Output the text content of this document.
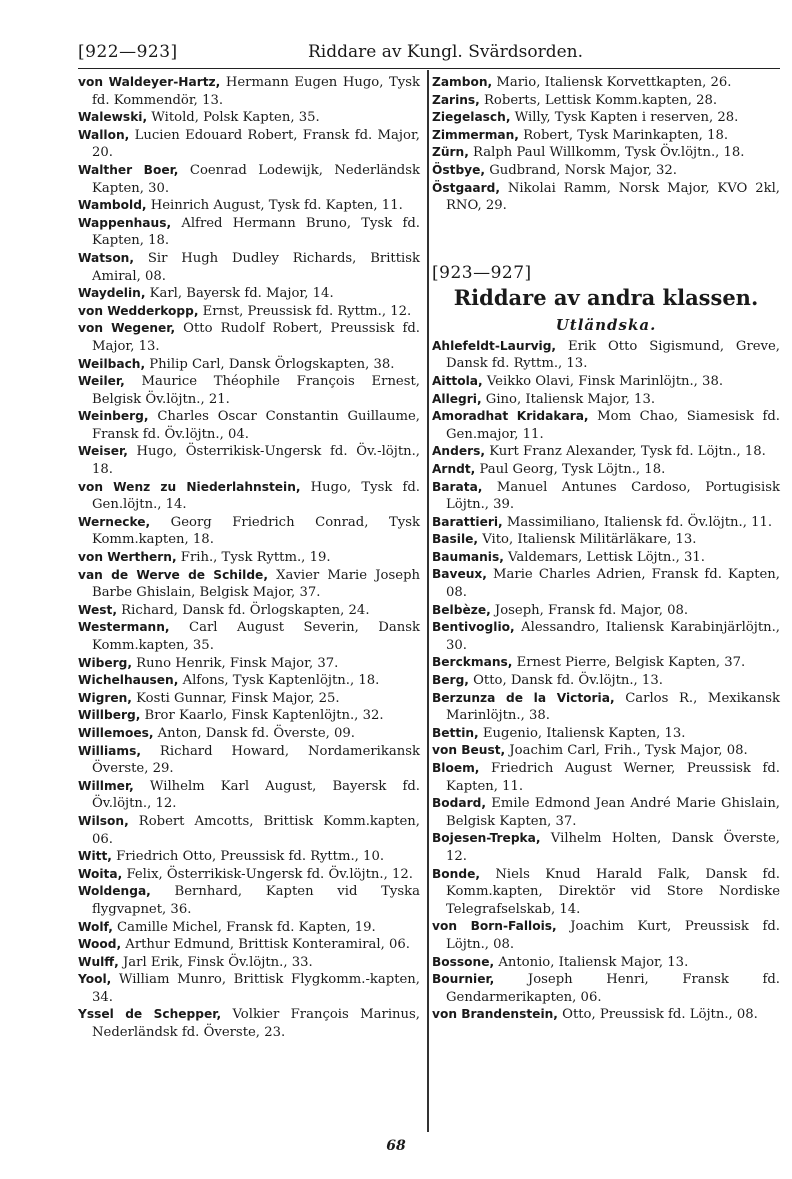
[922—923]	Riddare av Kungl. Svärdsorden.

von Waldeyer-Hartz, Hermann Eugen Hugo, Tysk fd. Kommendör, 13.

Walewski, Witold, Polsk Kapten, 35.

Wallon, Lucien Edouard Robert, Fransk fd. Major, 20.

Walther Boer, Coenrad Lodewijk, Nederländsk Kapten, 30.

Wambold, Heinrich August, Tysk fd. Kapten, 11.

Wappenhaus, Alfred Hermann Bruno, Tysk fd. Kapten, 18.

Watson, Sir Hugh Dudley Richards, Brittisk Amiral, 08.

Waydelin, Karl, Bayersk fd. Major, 14.

von Wedderkopp, Ernst, Preussisk fd. Ryttm., 12.

von Wegener, Otto Rudolf Robert, Preussisk fd. Major, 13.

Weilbach, Philip Carl, Dansk Örlogskapten, 38.

Weiler, Maurice Théophile François Ernest, Belgisk Öv.löjtn., 21.

Weinberg, Charles Oscar Constantin Guillaume, Fransk fd. Öv.löjtn., 04.

Weiser, Hugo, Österrikisk-Ungersk fd. Öv.-löjtn., 18.

von Wenz zu Niederlahnstein, Hugo, Tysk fd. Gen.löjtn., 14.

Wernecke, Georg Friedrich Conrad, Tysk Komm.kapten, 18.

von Werthern, Frih., Tysk Ryttm., 19.

van de Werve de Schilde, Xavier Marie Joseph Barbe Ghislain, Belgisk Major, 37.

West, Richard, Dansk fd. Örlogskapten, 24.

Westermann, Carl August Severin, Dansk Komm.kapten, 35.

Wiberg, Runo Henrik, Finsk Major, 37.

Wichelhausen, Alfons, Tysk Kaptenlöjtn., 18.

Wigren, Kosti Gunnar, Finsk Major, 25.

Willberg, Bror Kaarlo, Finsk Kaptenlöjtn., 32.

Willemoes, Anton, Dansk fd. Överste, 09.

Williams, Richard Howard, Nordamerikansk Överste, 29.

Willmer, Wilhelm Karl August, Bayersk fd. Öv.löjtn., 12.

Wilson, Robert Amcotts, Brittisk Komm.kapten, 06.

Witt, Friedrich Otto, Preussisk fd. Ryttm., 10.

Woita, Felix, Österrikisk-Ungersk fd. Öv.löjtn., 12.

Woldenga, Bernhard, Kapten vid Tyska flygvapnet, 36.

Wolf, Camille Michel, Fransk fd. Kapten, 19.

Wood, Arthur Edmund, Brittisk Konteramiral, 06.

Wulff, Jarl Erik, Finsk Öv.löjtn., 33.

Yool, William Munro, Brittisk Flygkomm.-kapten, 34.

Yssel de Schepper, Volkier François Marinus, Nederländsk fd. Överste, 23.

Zambon, Mario, Italiensk Korvettkapten, 26.

Zarins, Roberts, Lettisk Komm.kapten, 28.

Ziegelasch, Willy, Tysk Kapten i reserven, 28.

Zimmerman, Robert, Tysk Marinkapten, 18.

Zürn, Ralph Paul Willkomm, Tysk Öv.löjtn., 18.

Östbye, Gudbrand, Norsk Major, 32.

Östgaard, Nikolai Ramm, Norsk Major, KVO 2kl, RNO, 29.

[923—927]
Riddare av andra klassen.
Utländska.

Ahlefeldt-Laurvig, Erik Otto Sigismund, Greve, Dansk fd. Ryttm., 13.

Aittola, Veikko Olavi, Finsk Marinlöjtn., 38.

Allegri, Gino, Italiensk Major, 13.

Amoradhat Kridakara, Mom Chao, Siamesisk fd. Gen.major, 11.

Anders, Kurt Franz Alexander, Tysk fd. Löjtn., 18.

Arndt, Paul Georg, Tysk Löjtn., 18.

Barata, Manuel Antunes Cardoso, Portugisisk Löjtn., 39.

Barattieri, Massimiliano, Italiensk fd. Öv.löjtn., 11.

Basile, Vito, Italiensk Militärläkare, 13.

Baumanis, Valdemars, Lettisk Löjtn., 31.

Baveux, Marie Charles Adrien, Fransk fd. Kapten, 08.

Belbèze, Joseph, Fransk fd. Major, 08.

Bentivoglio, Alessandro, Italiensk Karabinjärlöjtn., 30.

Berckmans, Ernest Pierre, Belgisk Kapten, 37.

Berg, Otto, Dansk fd. Öv.löjtn., 13.

Berzunza de la Victoria, Carlos R., Mexikansk Marinlöjtn., 38.

Bettin, Eugenio, Italiensk Kapten, 13.

von Beust, Joachim Carl, Frih., Tysk Major, 08.

Bloem, Friedrich August Werner, Preussisk fd. Kapten, 11.

Bodard, Emile Edmond Jean André Marie Ghislain, Belgisk Kapten, 37.

Bojesen-Trepka, Vilhelm Holten, Dansk Överste, 12.

Bonde, Niels Knud Harald Falk, Dansk fd. Komm.kapten, Direktör vid Store Nordiske Telegrafselskab, 14.

von Born-Fallois, Joachim Kurt, Preussisk fd. Löjtn., 08.

Bossone, Antonio, Italiensk Major, 13.

Bournier, Joseph Henri, Fransk fd. Gendarmerikapten, 06.

von Brandenstein, Otto, Preussisk fd. Löjtn., 08.

68
